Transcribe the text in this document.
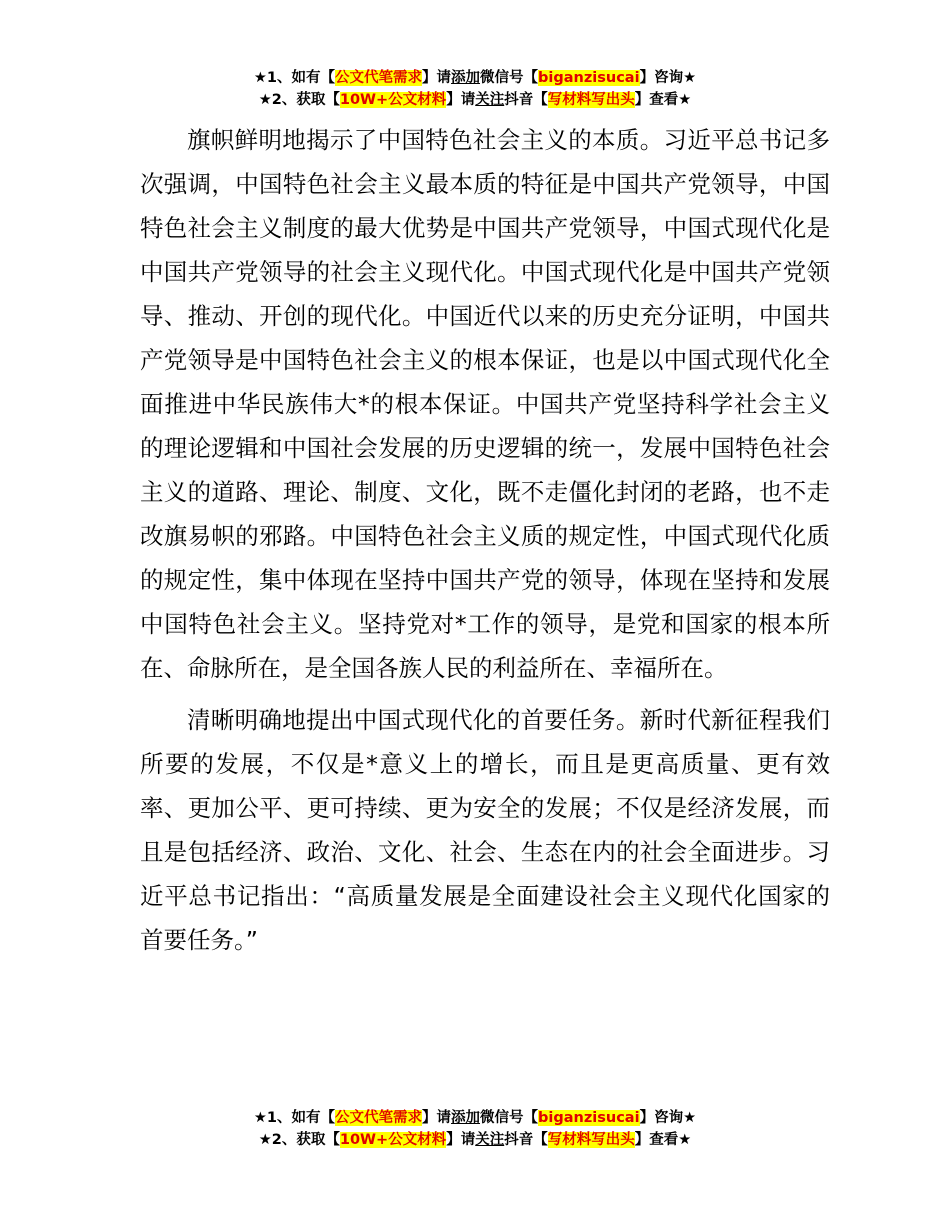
★1、如有【公文代笔需求】请添加微信号【biganzisucai】咨询★
★2、获取【10W+公文材料】请关注抖音【写材料写出头】查看★

旗帜鲜明地揭示了中国特色社会主义的本质。习近平总书记多次强调，中国特色社会主义最本质的特征是中国共产党领导，中国特色社会主义制度的最大优势是中国共产党领导，中国式现代化是中国共产党领导的社会主义现代化。中国式现代化是中国共产党领导、推动、开创的现代化。中国近代以来的历史充分证明，中国共产党领导是中国特色社会主义的根本保证，也是以中国式现代化全面推进中华民族伟大*的根本保证。中国共产党坚持科学社会主义的理论逻辑和中国社会发展的历史逻辑的统一，发展中国特色社会主义的道路、理论、制度、文化，既不走僵化封闭的老路，也不走改旗易帜的邪路。中国特色社会主义质的规定性，中国式现代化质的规定性，集中体现在坚持中国共产党的领导，体现在坚持和发展中国特色社会主义。坚持党对*工作的领导，是党和国家的根本所在、命脉所在，是全国各族人民的利益所在、幸福所在。

清晰明确地提出中国式现代化的首要任务。新时代新征程我们所要的发展，不仅是*意义上的增长，而且是更高质量、更有效率、更加公平、更可持续、更为安全的发展；不仅是经济发展，而且是包括经济、政治、文化、社会、生态在内的社会全面进步。习近平总书记指出：“高质量发展是全面建设社会主义现代化国家的首要任务。”

★1、如有【公文代笔需求】请添加微信号【biganzisucai】咨询★
★2、获取【10W+公文材料】请关注抖音【写材料写出头】查看★
